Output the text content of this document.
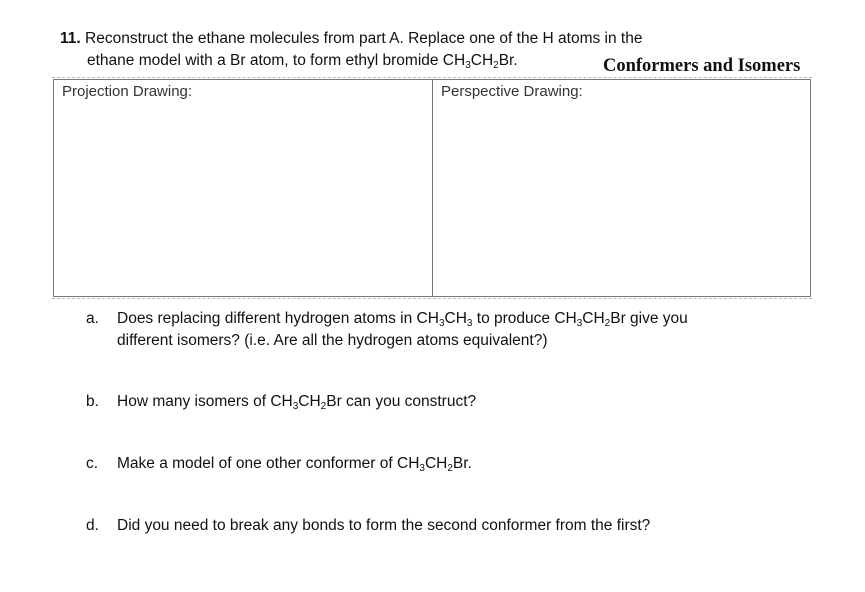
11. Reconstruct the ethane molecules from part A. Replace one of the H atoms in the
ethane model with a Br atom, to form ethyl bromide $CH_3CH_2Br$.	Conformers and Isomers
Projection Drawing:	Perspective Drawing:
a. Does replacing different hydrogen atoms in $CH_3CH_3$ to produce $CH_3CH_2Br$ give you
different isomers? (i.e. Are all the hydrogen atoms equivalent?)
b. How many isomers of $CH_3CH_2Br$ can you construct?
c. Make a model of one other conformer of $CH_3CH_2Br$.
d. Did you need to break any bonds to form the second conformer from the first?
